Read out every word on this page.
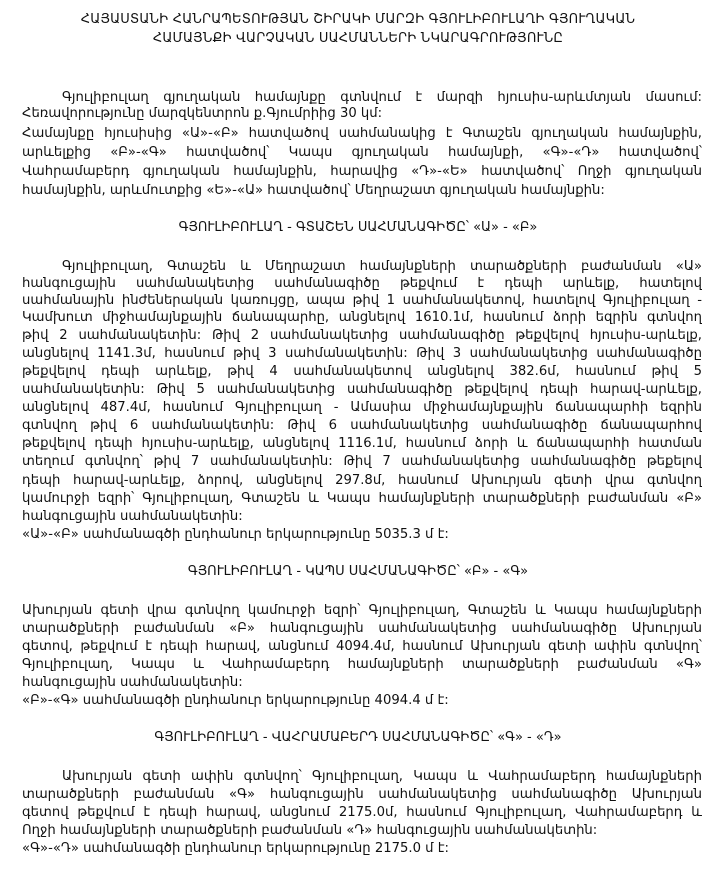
ՀԱՅԱՍՏԱՆԻ ՀԱՆՐԱՊԵՏՈՒԹՅԱՆ ՇԻՐԱԿԻ ՄԱՐԶԻ ԳՅՈՒԼԻԲՈՒԼԱՂԻ ԳՅՈՒՂԱԿԱՆ
ՀԱՄԱՅՆՔԻ ՎԱՐՉԱԿԱՆ ՍԱՀՄԱՆՆԵՐԻ ՆԿԱՐԱԳՐՈՒԹՅՈՒՆԸ
Գյուլիբուլաղ գյուղական համայնքը գտնվում է մարզի հյուսիս-արևմտյան մասում:
Հեռավորությունը մարզկենտրոն ք.Գյումրիից 30 կմ:
Համայնքը հյուսիսից «Ա»-«Բ» հատվածով սահմանակից է Գտաշեն գյուղական համայնքին,
արևելքից «Բ»-«Գ» հատվածով՝ Կապս գյուղական համայնքի, «Գ»-«Դ» հատվածով՝
Վահրամաբերդ գյուղական համայնքին, հարավից «Դ»-«Ե» հատվածով՝ Ողջի գյուղական
համայնքին, արևմուտքից «Ե»-«Ա» հատվածով՝ Մեղրաշատ գյուղական համայնքին:
ԳՅՈՒԼԻԲՈՒԼԱՂ - ԳՏԱՇԵՆ ՍԱՀՄԱՆԱԳԻԾԸ՝ «Ա» - «Բ»
Գյուլիբուլաղ, Գտաշեն և Մեղրաշատ համայնքների տարածքների բաժանման «Ա»
հանգուցային սահմանակետից սահմանագիծը թեքվում է դեպի արևելք, հատելով
սահմանային ինժեներական կառույցը, ապա թիվ 1 սահմանակետով, հատելով Գյուլիբուլաղ -
Կամխուտ միջհամայնքային ճանապարհը, անցնելով 1610.1մ, հասնում ձորի եզրին գտնվող
թիվ 2 սահմանակետին: Թիվ 2 սահմանակետից սահմանագիծը թեքվելով հյուսիս-արևելք,
անցնելով 1141.3մ, հասնում թիվ 3 սահմանակետին: Թիվ 3 սահմանակետից սահմանագիծը
թեքվելով դեպի արևելք, թիվ 4 սահմանակետով անցնելով 382.6մ, հասնում թիվ 5
սահմանակետին: Թիվ 5 սահմանակետից սահմանագիծը թեքվելով դեպի հարավ-արևելք,
անցնելով 487.4մ, հասնում Գյուլիբուլաղ - Ամասիա միջհամայնքային ճանապարհի եզրին
գտնվող թիվ 6 սահմանակետին: Թիվ 6 սահմանակետից սահմանագիծը ճանապարհով
թեքվելով դեպի հյուսիս-արևելք, անցնելով 1116.1մ, հասնում ձորի և ճանապարհի հատման
տեղում գտնվող՝ թիվ 7 սահմանակետին: Թիվ 7 սահմանակետից սահմանագիծը թեքելով
դեպի հարավ-արևելք, ձորով, անցնելով 297.8մ, հասնում Ախուրյան գետի վրա գտնվող
կամուրջի եզրի՝ Գյուլիբուլաղ, Գտաշեն և Կապս համայնքների տարածքների բաժանման «Բ»
հանգուցային սահմանակետին:
«Ա»-«Բ» սահմանագծի ընդհանուր երկարությունը 5035.3 մ է:
ԳՅՈՒԼԻԲՈՒԼԱՂ - ԿԱՊՍ ՍԱՀՄԱՆԱԳԻԾԸ՝ «Բ» - «Գ»
Ախուրյան գետի վրա գտնվող կամուրջի եզրի՝ Գյուլիբուլաղ, Գտաշեն և Կապս համայնքների
տարածքների բաժանման «Բ» հանգուցային սահմանակետից սահմանագիծը Ախուրյան
գետով, թեքվում է դեպի հարավ, անցնում 4094.4մ, հասնում Ախուրյան գետի ափին գտնվող՝
Գյուլիբուլաղ, Կապս և Վահրամաբերդ համայնքների տարածքների բաժանման «Գ»
հանգուցային սահմանակետին:
«Բ»-«Գ» սահմանագծի ընդհանուր երկարությունը 4094.4 մ է:
ԳՅՈՒԼԻԲՈՒԼԱՂ - ՎԱՀՐԱՄԱԲԵՐԴ ՍԱՀՄԱՆԱԳԻԾԸ՝ «Գ» - «Դ»
Ախուրյան գետի ափին գտնվող՝ Գյուլիբուլաղ, Կապս և Վահրամաբերդ համայնքների
տարածքների բաժանման «Գ» հանգուցային սահմանակետից սահմանագիծը Ախուրյան
գետով թեքվում է դեպի հարավ, անցնում 2175.0մ, հասնում Գյուլիբուլաղ, Վահրամաբերդ և
Ողջի համայնքների տարածքների բաժանման «Դ» հանգուցային սահմանակետին:
«Գ»-«Դ» սահմանագծի ընդհանուր երկարությունը 2175.0 մ է:
